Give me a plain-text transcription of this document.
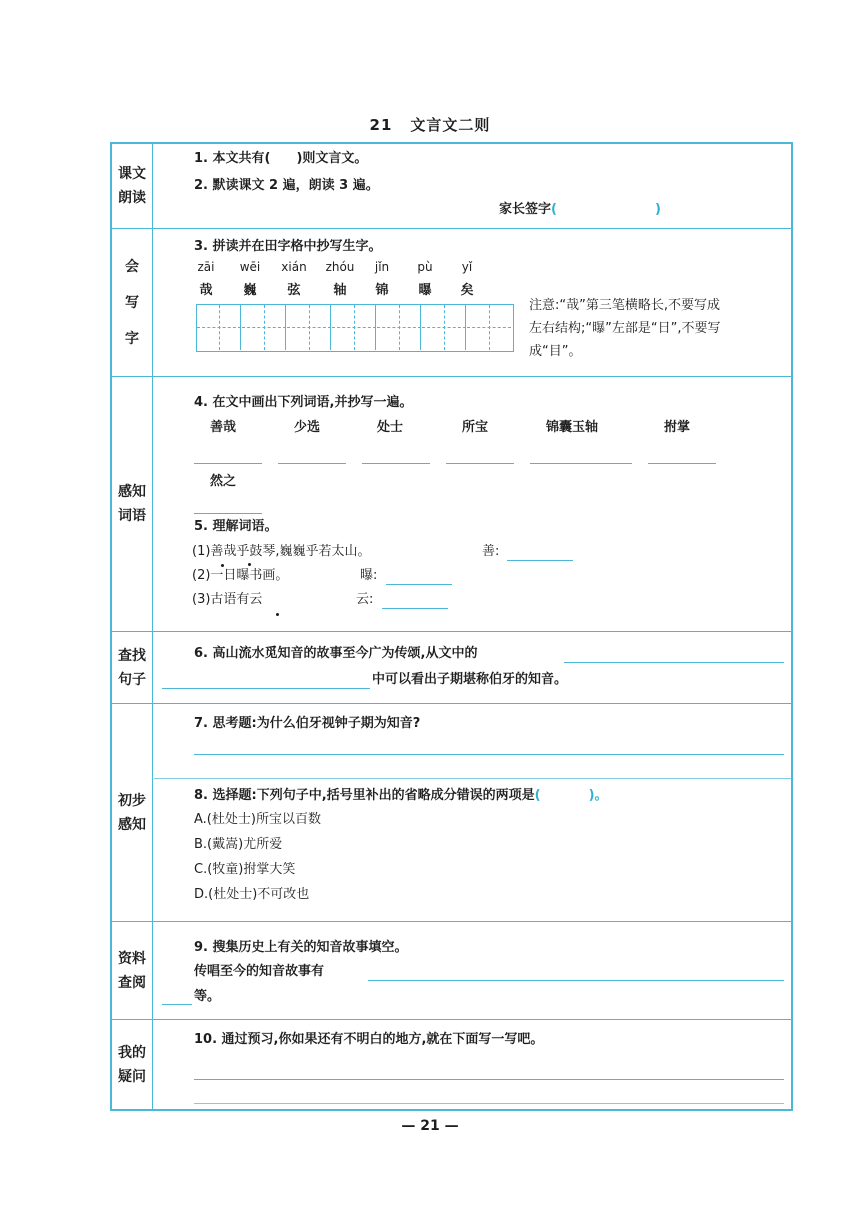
21 文言文二则
课文
朗读
1. 本文共有( )则文言文。
2. 默读课文 2 遍，朗读 3 遍。
家长签字(	)
会

写

字
3. 拼读并在田字格中抄写生字。
zāi	wēi	xián	zhóu	jǐn	pù	yǐ
哉	巍	弦	轴	锦	曝	矣
注意:“哉”第三笔横略长,不要写成
左右结构;“曝”左部是“日”,不要写
成“目”。
感知
词语
4. 在文中画出下列词语,并抄写一遍。
善哉	少选	处士	所宝	锦囊玉轴	拊掌
然之
5. 理解词语。
(1)善哉乎鼓琴,巍巍乎若太山。	善:
(2)一日曝书画。	曝:
(3)古语有云	云:
查找
句子
6. 高山流水觅知音的故事至今广为传颂,从文中的
中可以看出子期堪称伯牙的知音。
初步
感知
7. 思考题:为什么伯牙视钟子期为知音?
8. 选择题:下列句子中,括号里补出的省略成分错误的两项是(	)。
A.(杜处士)所宝以百数
B.(戴嵩)尤所爱
C.(牧童)拊掌大笑
D.(杜处士)不可改也
资料
查阅
9. 搜集历史上有关的知音故事填空。
传唱至今的知音故事有
等。
我的
疑问
10. 通过预习,你如果还有不明白的地方,就在下面写一写吧。
— 21 —
